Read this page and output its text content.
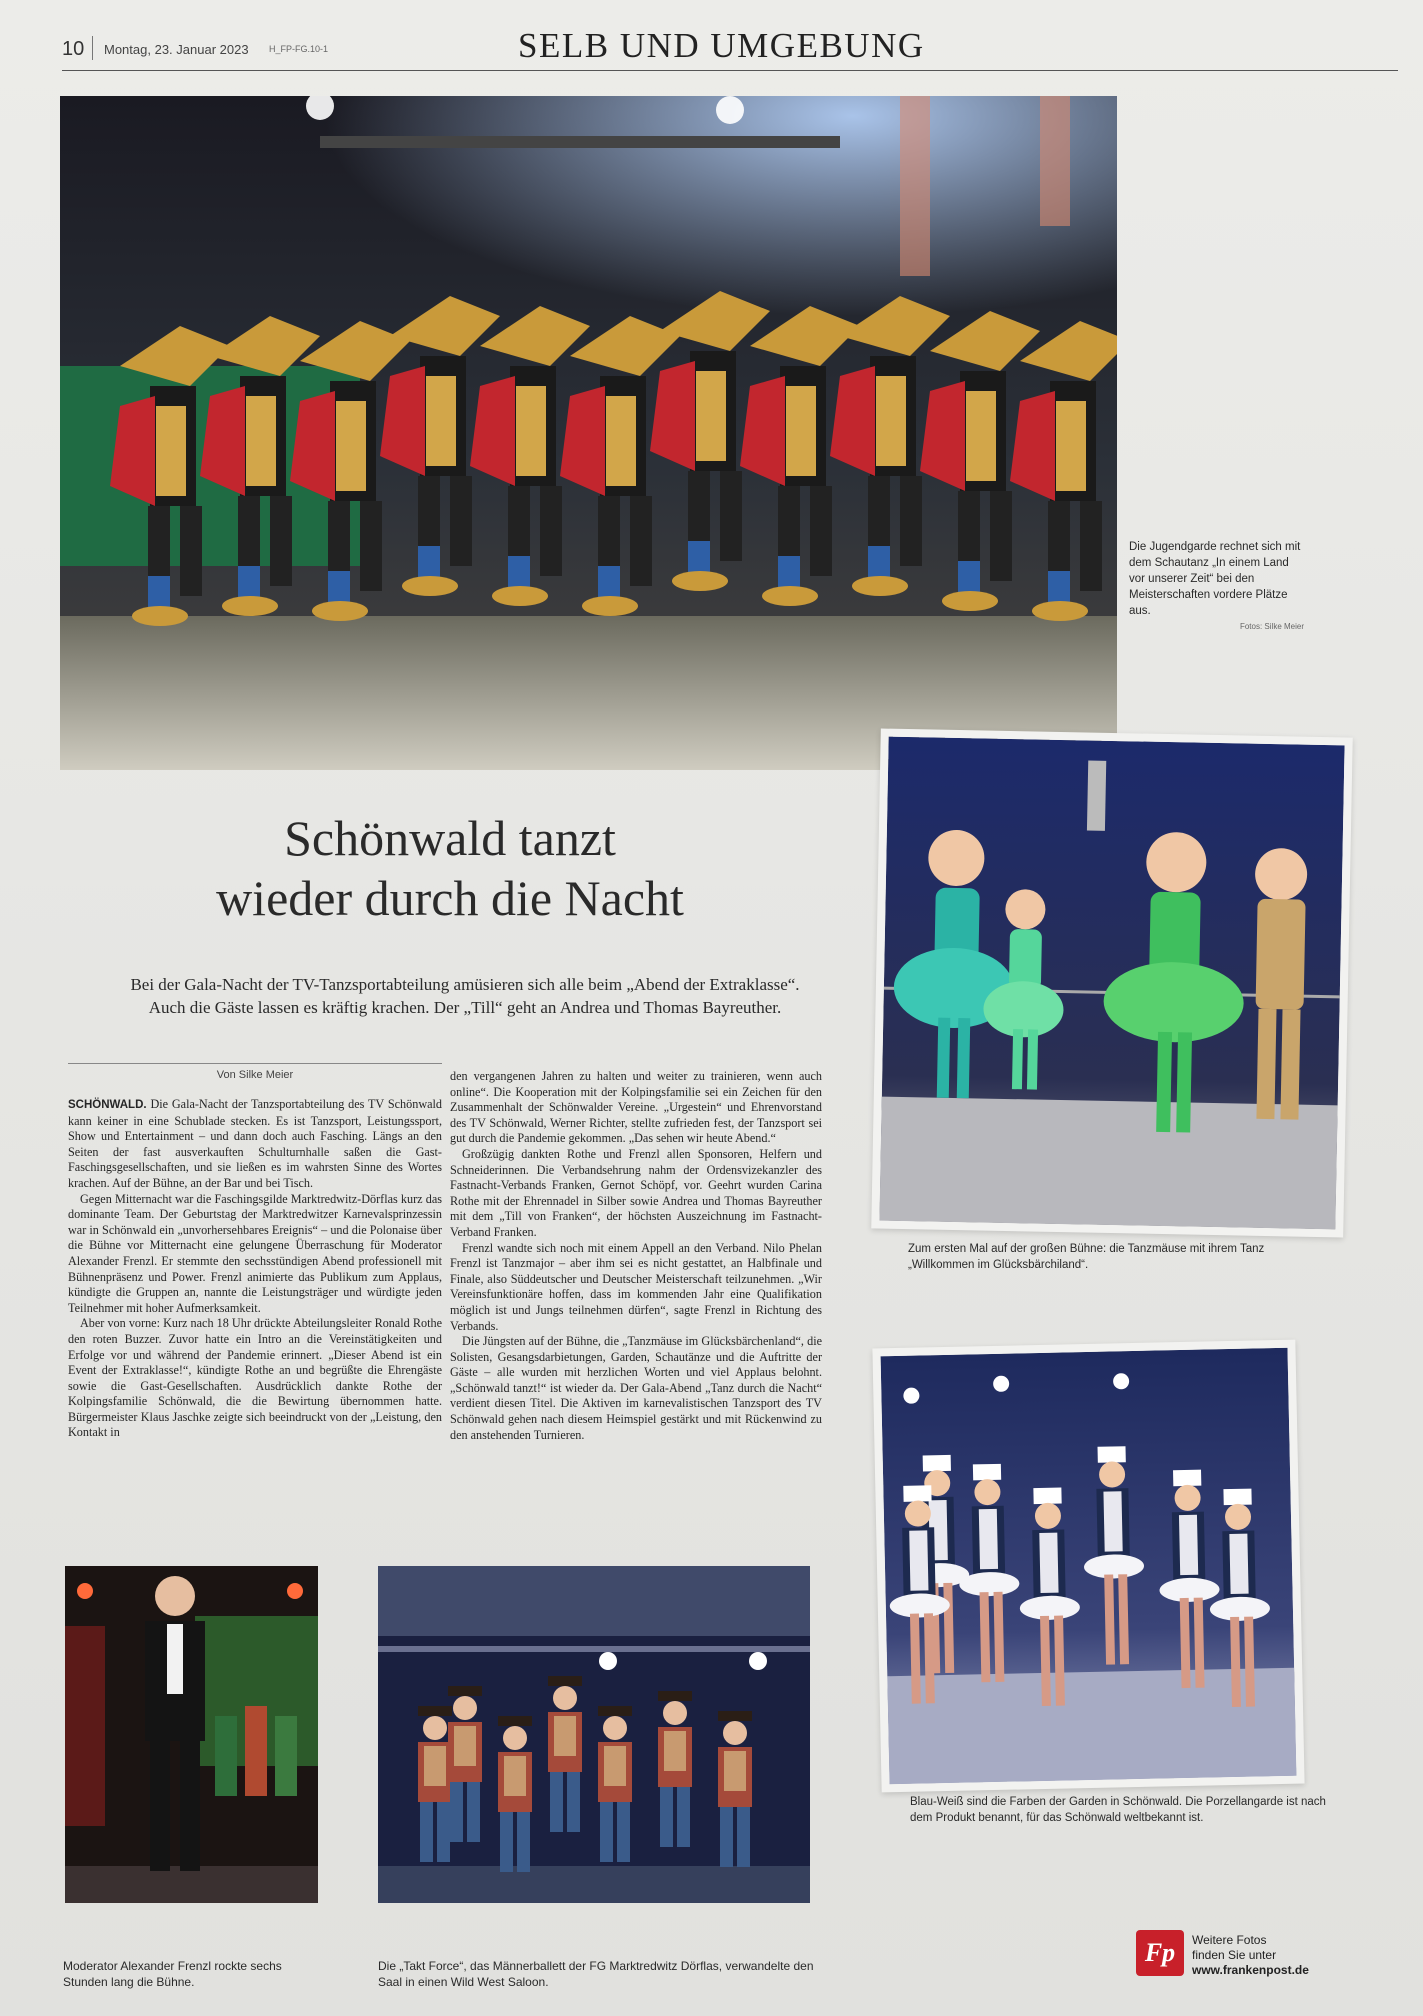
10 Montag, 23. Januar 2023 H_FP-FG.10-1	SELB UND UMGEBUNG
Die Jugendgarde rechnet sich mit dem Schautanz „In einem Land vor unserer Zeit“ bei den Meisterschaften vordere Plätze aus.
Fotos: Silke Meier
Zum ersten Mal auf der großen Bühne: die Tanzmäuse mit ihrem Tanz „Willkommen im Glücksbärchiland“.
Blau-Weiß sind die Farben der Garden in Schönwald. Die Porzellangarde ist nach dem Produkt benannt, für das Schönwald weltbekannt ist.
Schönwald tanzt
wieder durch die Nacht
Bei der Gala-Nacht der TV-Tanzsportabteilung amüsieren sich alle beim „Abend der Extraklasse“.
Auch die Gäste lassen es kräftig krachen. Der „Till“ geht an Andrea und Thomas Bayreuther.
Von Silke Meier

SCHÖNWALD. Die Gala-Nacht der Tanzsportabteilung des TV Schönwald kann keiner in eine Schublade stecken. Es ist Tanzsport, Leistungssport, Show und Entertainment – und dann doch auch Fasching. Längs an den Seiten der fast ausverkauften Schulturnhalle saßen die Gast-Faschingsgesellschaften, und sie ließen es im wahrsten Sinne des Wortes krachen. Auf der Bühne, an der Bar und bei Tisch.

Gegen Mitternacht war die Faschingsgilde Marktredwitz-Dörflas kurz das dominante Team. Der Geburtstag der Marktredwitzer Karnevalsprinzessin war in Schönwald ein „unvorhersehbares Ereignis“ – und die Polonaise über die Bühne vor Mitternacht eine gelungene Überraschung für Moderator Alexander Frenzl. Er stemmte den sechsstündigen Abend professionell mit Bühnenpräsenz und Power. Frenzl animierte das Publikum zum Applaus, kündigte die Gruppen an, nannte die Leistungsträger und würdigte jeden Teilnehmer mit hoher Aufmerksamkeit.

Aber von vorne: Kurz nach 18 Uhr drückte Abteilungsleiter Ronald Rothe den roten Buzzer. Zuvor hatte ein Intro an die Vereinstätigkeiten und Erfolge vor und während der Pandemie erinnert. „Dieser Abend ist ein Event der Extraklasse!“, kündigte Rothe an und begrüßte die Ehrengäste sowie die Gast-Gesellschaften. Ausdrücklich dankte Rothe der Kolpingsfamilie Schönwald, die die Bewirtung übernommen hatte. Bürgermeister Klaus Jaschke zeigte sich beeindruckt von der „Leistung, den Kontakt in

den vergangenen Jahren zu halten und weiter zu trainieren, wenn auch online“. Die Kooperation mit der Kolpingsfamilie sei ein Zeichen für den Zusammenhalt der Schönwalder Vereine. „Urgestein“ und Ehrenvorstand des TV Schönwald, Werner Richter, stellte zufrieden fest, der Tanzsport sei gut durch die Pandemie gekommen. „Das sehen wir heute Abend.“

Großzügig dankten Rothe und Frenzl allen Sponsoren, Helfern und Schneiderinnen. Die Verbandsehrung nahm der Ordensvizekanzler des Fastnacht-Verbands Franken, Gernot Schöpf, vor. Geehrt wurden Carina Rothe mit der Ehrennadel in Silber sowie Andrea und Thomas Bayreuther mit dem „Till von Franken“, der höchsten Auszeichnung im Fastnacht-Verband Franken.

Frenzl wandte sich noch mit einem Appell an den Verband. Nilo Phelan Frenzl ist Tanzmajor – aber ihm sei es nicht gestattet, an Halbfinale und Finale, also Süddeutscher und Deutscher Meisterschaft teilzunehmen. „Wir Vereinsfunktionäre hoffen, dass im kommenden Jahr eine Qualifikation möglich ist und Jungs teilnehmen dürfen“, sagte Frenzl in Richtung des Verbands.

Die Jüngsten auf der Bühne, die „Tanzmäuse im Glücksbärchenland“, die Solisten, Gesangsdarbietungen, Garden, Schautänze und die Auftritte der Gäste – alle wurden mit herzlichen Worten und viel Applaus belohnt. „Schönwald tanzt!“ ist wieder da. Der Gala-Abend „Tanz durch die Nacht“ verdient diesen Titel. Die Aktiven im karnevalistischen Tanzsport des TV Schönwald gehen nach diesem Heimspiel gestärkt und mit Rückenwind zu den anstehenden Turnieren.

Moderator Alexander Frenzl rockte sechs Stunden lang die Bühne.
Die „Takt Force“, das Männerballett der FG Marktredwitz Dörflas, verwandelte den Saal in einen Wild West Saloon.
Fp	Weitere Fotos
finden Sie unter
www.frankenpost.de
